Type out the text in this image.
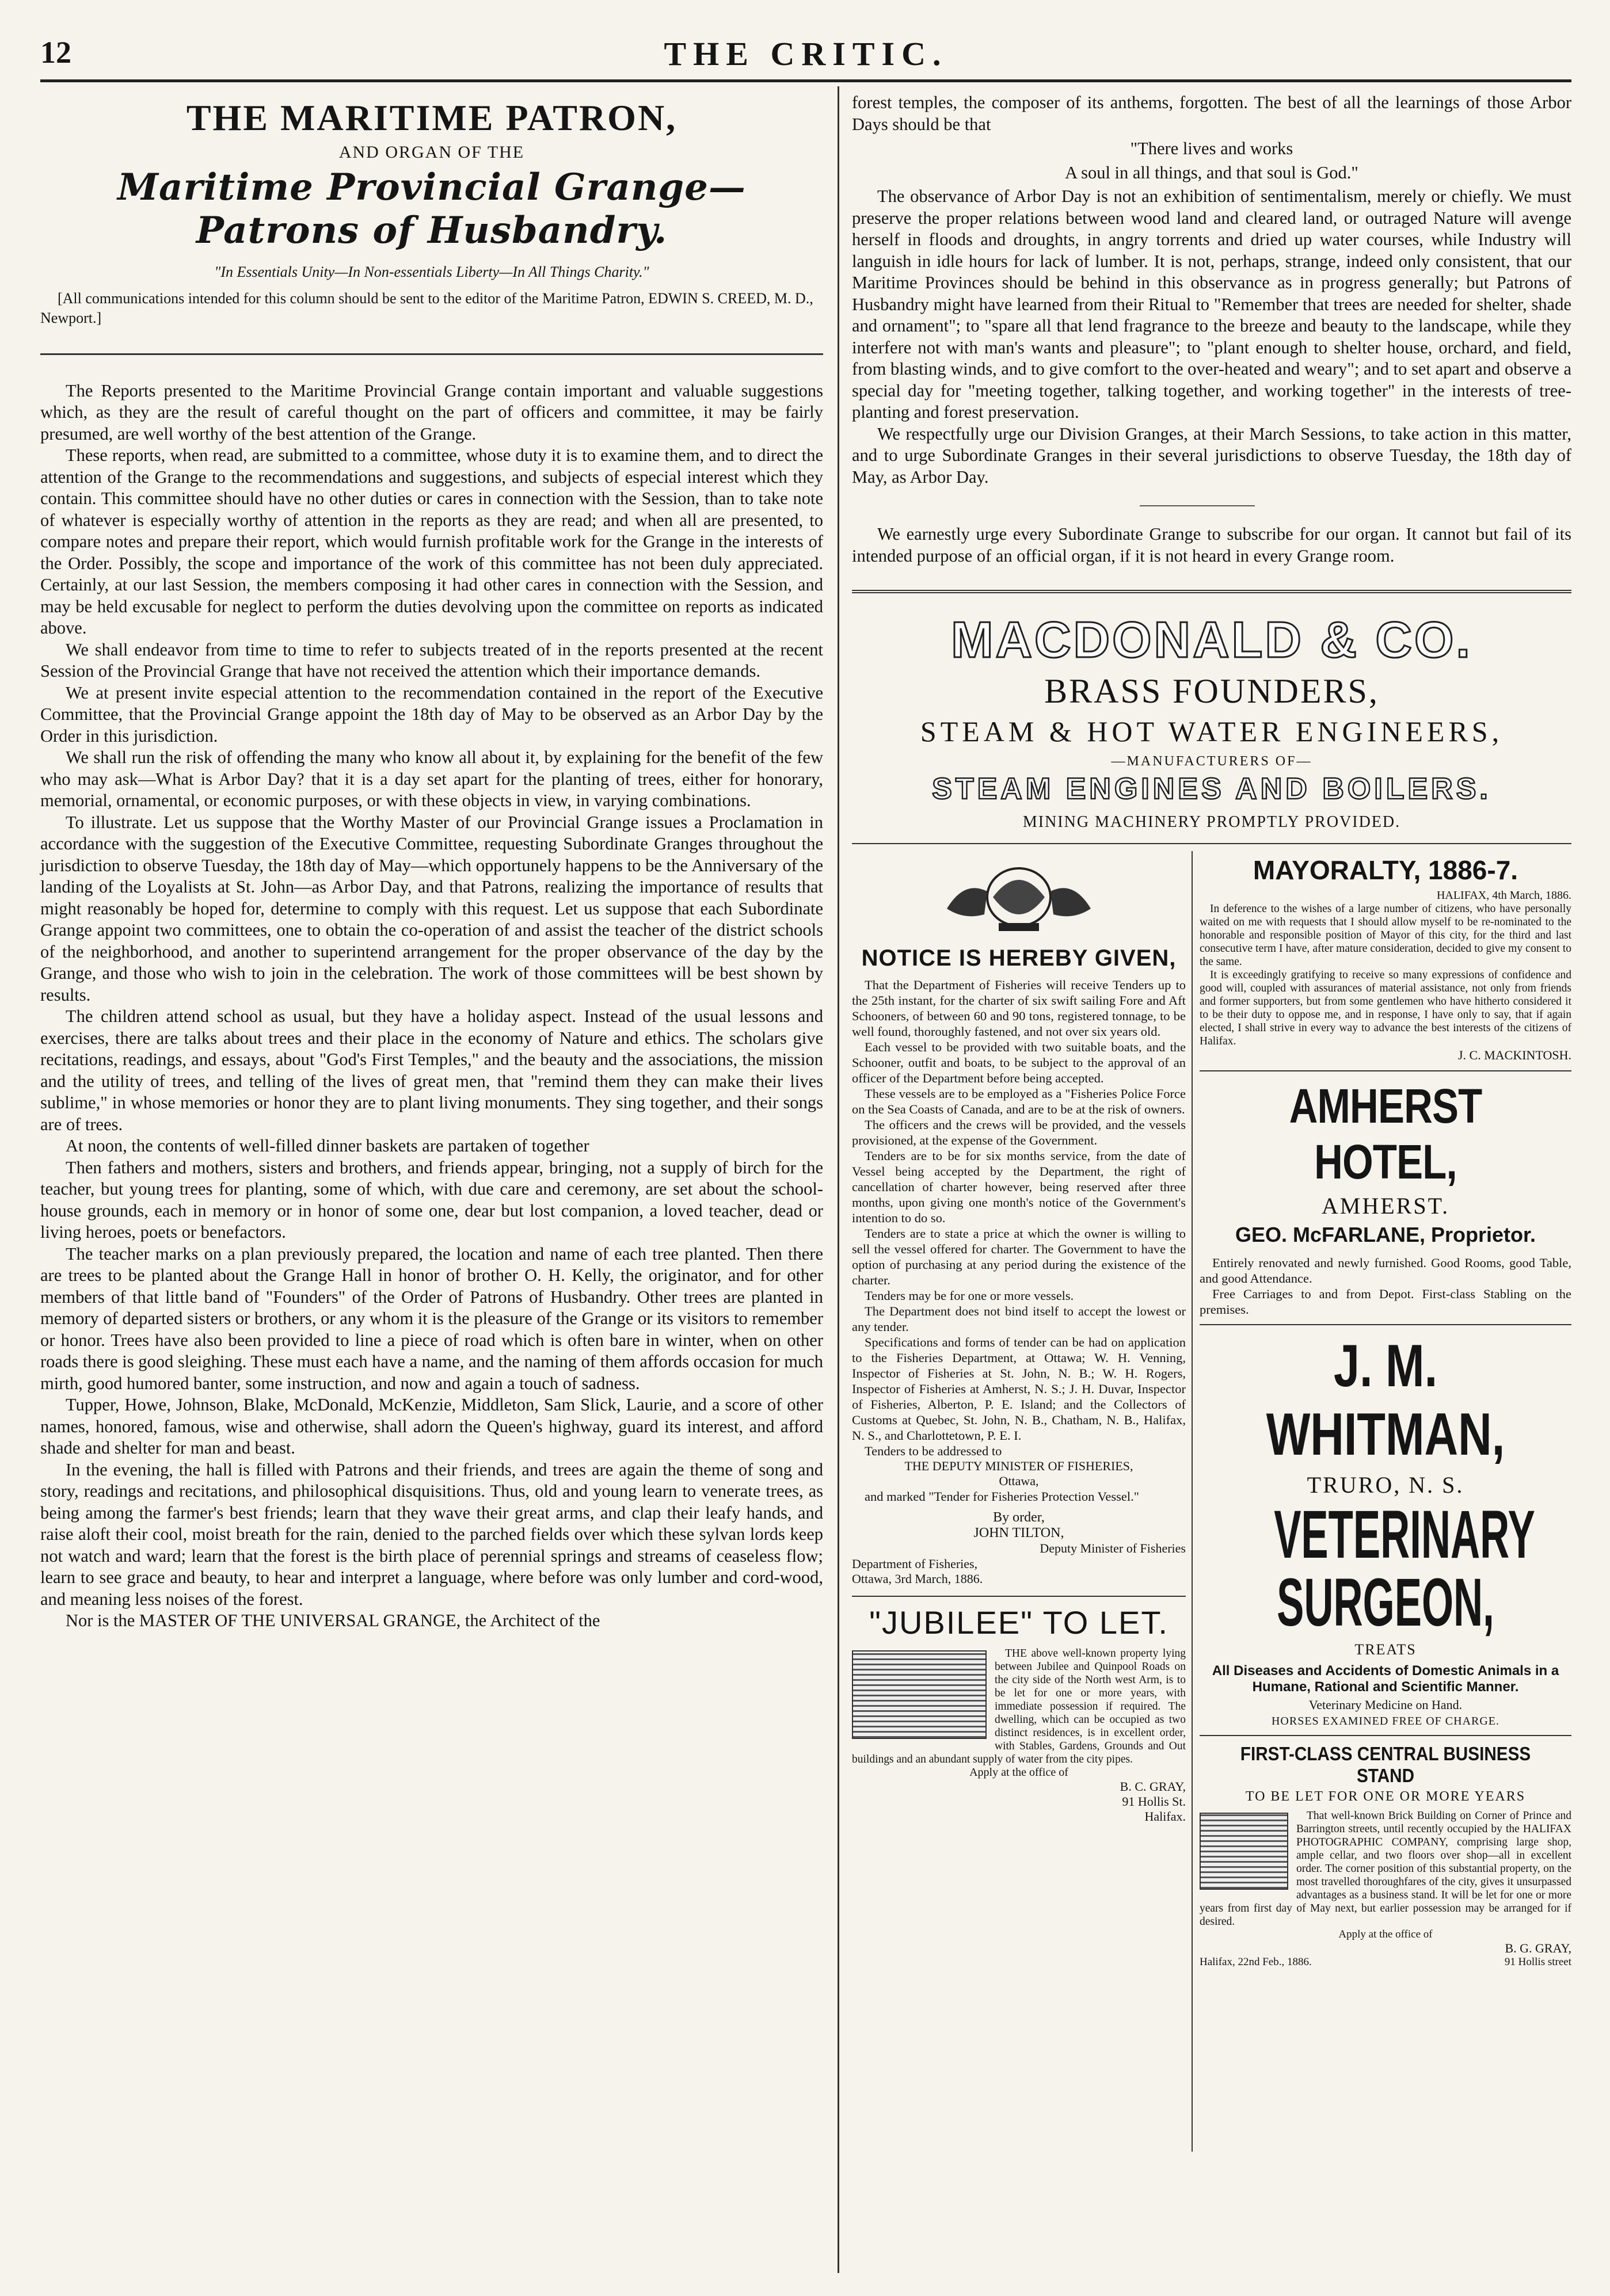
12	THE CRITIC.
THE MARITIME PATRON,
AND ORGAN OF THE
Maritime Provincial Grange—Patrons of Husbandry.
"In Essentials Unity—In Non-essentials Liberty—In All Things Charity."
[All communications intended for this column should be sent to the editor of the Maritime Patron, EDWIN S. CREED, M. D., Newport.]

The Reports presented to the Maritime Provincial Grange contain important and valuable suggestions which, as they are the result of careful thought on the part of officers and committee, it may be fairly presumed, are well worthy of the best attention of the Grange.

These reports, when read, are submitted to a committee, whose duty it is to examine them, and to direct the attention of the Grange to the recommendations and suggestions, and subjects of especial interest which they contain. This committee should have no other duties or cares in connection with the Session, than to take note of whatever is especially worthy of attention in the reports as they are read; and when all are presented, to compare notes and prepare their report, which would furnish profitable work for the Grange in the interests of the Order. Possibly, the scope and importance of the work of this committee has not been duly appreciated. Certainly, at our last Session, the members composing it had other cares in connection with the Session, and may be held excusable for neglect to perform the duties devolving upon the committee on reports as indicated above.

We shall endeavor from time to time to refer to subjects treated of in the reports presented at the recent Session of the Provincial Grange that have not received the attention which their importance demands.

We at present invite especial attention to the recommendation contained in the report of the Executive Committee, that the Provincial Grange appoint the 18th day of May to be observed as an Arbor Day by the Order in this jurisdiction.

We shall run the risk of offending the many who know all about it, by explaining for the benefit of the few who may ask—What is Arbor Day? that it is a day set apart for the planting of trees, either for honorary, memorial, ornamental, or economic purposes, or with these objects in view, in varying combinations.

To illustrate. Let us suppose that the Worthy Master of our Provincial Grange issues a Proclamation in accordance with the suggestion of the Executive Committee, requesting Subordinate Granges throughout the jurisdiction to observe Tuesday, the 18th day of May—which opportunely happens to be the Anniversary of the landing of the Loyalists at St. John—as Arbor Day, and that Patrons, realizing the importance of results that might reasonably be hoped for, determine to comply with this request. Let us suppose that each Subordinate Grange appoint two committees, one to obtain the co-operation of and assist the teacher of the district schools of the neighborhood, and another to superintend arrangement for the proper observance of the day by the Grange, and those who wish to join in the celebration. The work of those committees will be best shown by results.

The children attend school as usual, but they have a holiday aspect. Instead of the usual lessons and exercises, there are talks about trees and their place in the economy of Nature and ethics. The scholars give recitations, readings, and essays, about "God's First Temples," and the beauty and the associations, the mission and the utility of trees, and telling of the lives of great men, that "remind them they can make their lives sublime," in whose memories or honor they are to plant living monuments. They sing together, and their songs are of trees.

At noon, the contents of well-filled dinner baskets are partaken of together

Then fathers and mothers, sisters and brothers, and friends appear, bringing, not a supply of birch for the teacher, but young trees for planting, some of which, with due care and ceremony, are set about the school-house grounds, each in memory or in honor of some one, dear but lost companion, a loved teacher, dead or living heroes, poets or benefactors.

The teacher marks on a plan previously prepared, the location and name of each tree planted. Then there are trees to be planted about the Grange Hall in honor of brother O. H. Kelly, the originator, and for other members of that little band of "Founders" of the Order of Patrons of Husbandry. Other trees are planted in memory of departed sisters or brothers, or any whom it is the pleasure of the Grange or its visitors to remember or honor. Trees have also been provided to line a piece of road which is often bare in winter, when on other roads there is good sleighing. These must each have a name, and the naming of them affords occasion for much mirth, good humored banter, some instruction, and now and again a touch of sadness.

Tupper, Howe, Johnson, Blake, McDonald, McKenzie, Middleton, Sam Slick, Laurie, and a score of other names, honored, famous, wise and otherwise, shall adorn the Queen's highway, guard its interest, and afford shade and shelter for man and beast.

In the evening, the hall is filled with Patrons and their friends, and trees are again the theme of song and story, readings and recitations, and philosophical disquisitions. Thus, old and young learn to venerate trees, as being among the farmer's best friends; learn that they wave their great arms, and clap their leafy hands, and raise aloft their cool, moist breath for the rain, denied to the parched fields over which these sylvan lords keep not watch and ward; learn that the forest is the birth place of perennial springs and streams of ceaseless flow; learn to see grace and beauty, to hear and interpret a language, where before was only lumber and cord-wood, and meaning less noises of the forest.

Nor is the MASTER OF THE UNIVERSAL GRANGE, the Architect of the

forest temples, the composer of its anthems, forgotten. The best of all the learnings of those Arbor Days should be that

"There lives and works
A soul in all things, and that soul is God."

The observance of Arbor Day is not an exhibition of sentimentalism, merely or chiefly. We must preserve the proper relations between wood land and cleared land, or outraged Nature will avenge herself in floods and droughts, in angry torrents and dried up water courses, while Industry will languish in idle hours for lack of lumber. It is not, perhaps, strange, indeed only consistent, that our Maritime Provinces should be behind in this observance as in progress generally; but Patrons of Husbandry might have learned from their Ritual to "Remember that trees are needed for shelter, shade and ornament"; to "spare all that lend fragrance to the breeze and beauty to the landscape, while they interfere not with man's wants and pleasure"; to "plant enough to shelter house, orchard, and field, from blasting winds, and to give comfort to the over-heated and weary"; and to set apart and observe a special day for "meeting together, talking together, and working together" in the interests of tree-planting and forest preservation.

We respectfully urge our Division Granges, at their March Sessions, to take action in this matter, and to urge Subordinate Granges in their several jurisdictions to observe Tuesday, the 18th day of May, as Arbor Day.

We earnestly urge every Subordinate Grange to subscribe for our organ. It cannot but fail of its intended purpose of an official organ, if it is not heard in every Grange room.

MACDONALD & CO.
BRASS FOUNDERS,
STEAM & HOT WATER ENGINEERS,
—MANUFACTURERS OF—
STEAM ENGINES AND BOILERS.
MINING MACHINERY PROMPTLY PROVIDED.
NOTICE IS HEREBY GIVEN,

That the Department of Fisheries will receive Tenders up to the 25th instant, for the charter of six swift sailing Fore and Aft Schooners, of between 60 and 90 tons, registered tonnage, to be well found, thoroughly fastened, and not over six years old.

Each vessel to be provided with two suitable boats, and the Schooner, outfit and boats, to be subject to the approval of an officer of the Department before being accepted.

These vessels are to be employed as a "Fisheries Police Force on the Sea Coasts of Canada, and are to be at the risk of owners.

The officers and the crews will be provided, and the vessels provisioned, at the expense of the Government.

Tenders are to be for six months service, from the date of Vessel being accepted by the Department, the right of cancellation of charter however, being reserved after three months, upon giving one month's notice of the Government's intention to do so.

Tenders are to state a price at which the owner is willing to sell the vessel offered for charter. The Government to have the option of purchasing at any period during the existence of the charter.

Tenders may be for one or more vessels.

The Department does not bind itself to accept the lowest or any tender.

Specifications and forms of tender can be had on application to the Fisheries Department, at Ottawa; W. H. Venning, Inspector of Fisheries at St. John, N. B.; W. H. Rogers, Inspector of Fisheries at Amherst, N. S.; J. H. Duvar, Inspector of Fisheries, Alberton, P. E. Island; and the Collectors of Customs at Quebec, St. John, N. B., Chatham, N. B., Halifax, N. S., and Charlottetown, P. E. I.

Tenders to be addressed to

THE DEPUTY MINISTER OF FISHERIES,
Ottawa,

and marked "Tender for Fisheries Protection Vessel."

By order,
JOHN TILTON,
Deputy Minister of Fisheries
Department of Fisheries,
Ottawa, 3rd March, 1886.
"JUBILEE" TO LET.

THE above well-known property lying between Jubilee and Quinpool Roads on the city side of the North west Arm, is to be let for one or more years, with immediate possession if required. The dwelling, which can be occupied as two distinct residences, is in excellent order, with Stables, Gardens, Grounds and Out buildings and an abundant supply of water from the city pipes.

Apply at the office of
B. C. GRAY,
91 Hollis St.
Halifax.
MAYORALTY, 1886-7.
HALIFAX, 4th March, 1886.

In deference to the wishes of a large number of citizens, who have personally waited on me with requests that I should allow myself to be re-nominated to the honorable and responsible position of Mayor of this city, for the third and last consecutive term I have, after mature consideration, decided to give my consent to the same.

It is exceedingly gratifying to receive so many expressions of confidence and good will, coupled with assurances of material assistance, not only from friends and former supporters, but from some gentlemen who have hitherto considered it to be their duty to oppose me, and in response, I have only to say, that if again elected, I shall strive in every way to advance the best interests of the citizens of Halifax.

J. C. MACKINTOSH.
AMHERST HOTEL,
AMHERST.
GEO. McFARLANE, Proprietor.

Entirely renovated and newly furnished. Good Rooms, good Table, and good Attendance.

Free Carriages to and from Depot. First-class Stabling on the premises.

J. M. WHITMAN,
TRURO, N. S.
VETERINARY SURGEON,
TREATS
All Diseases and Accidents of Domestic Animals in a Humane, Rational and Scientific Manner.
Veterinary Medicine on Hand.
HORSES EXAMINED FREE OF CHARGE.
FIRST-CLASS CENTRAL BUSINESS STAND
TO BE LET FOR ONE OR MORE YEARS

That well-known Brick Building on Corner of Prince and Barrington streets, until recently occupied by the HALIFAX PHOTOGRAPHIC COMPANY, comprising large shop, ample cellar, and two floors over shop—all in excellent order. The corner position of this substantial property, on the most travelled thoroughfares of the city, gives it unsurpassed advantages as a business stand. It will be let for one or more years from first day of May next, but earlier possession may be arranged for if desired.

Apply at the office of
B. G. GRAY,
Halifax, 22nd Feb., 1886.	91 Hollis street
